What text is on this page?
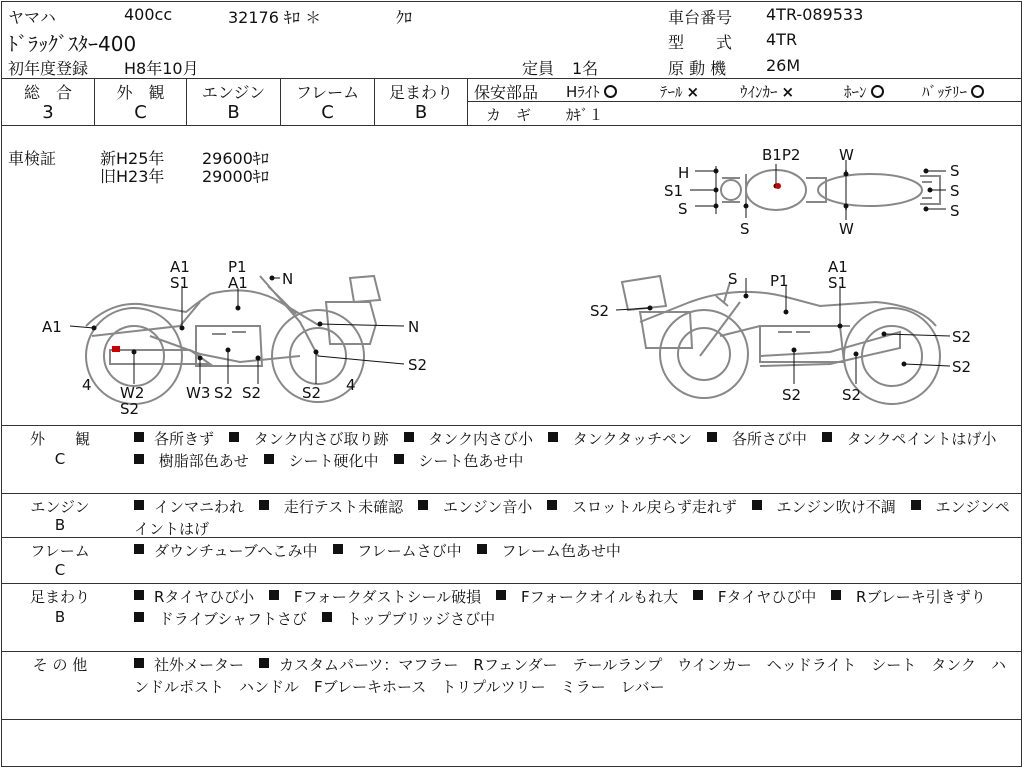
ヤマハ	400cc	32176 ｷﾛ ＊	ｸﾛ	車台番号 4TR-089533
ﾄﾞﾗｯｸﾞｽﾀｰ400	型　　式 4TR
初年度登録 H8年10月	定員 1名	原 動 機 26M
総　合
3
外　観
C
エンジン
B
フレーム
C
足まわり
B
保安部品 Hﾗｲﾄ	ﾃｰﾙ ×	ｳｲﾝｶｰ ×	ﾎｰﾝ	ﾊﾞｯﾃﾘｰ
カ　ギ ｶｷﾞ１
車検証	新H25年 29600ｷﾛ
旧H23年 29000ｷﾛ
B1P2	W
H
S1
S
S	W
S
S
S
A1
S1
P1
A1 N
A1	N
S2
4	4
W2
S2
W3 S2 S2	S2
S P1
A1
S1
S2
S2
S2
S2	S2
外　　観
C
各所きず　 タンク内さび取り跡　 タンク内さび小　 タンクタッチペン　 各所さび中　 タンクペイントはげ小　 樹脂部色あせ　 シート硬化中　 シート色あせ中
エンジン
B
インマニわれ　 走行テスト未確認　 エンジン音小　 スロットル戻らず走れず　 エンジン吹け不調　 エンジンペイントはげ
フレーム
C
ダウンチューブへこみ中　 フレームさび中　 フレーム色あせ中
足まわり
B
Rタイヤひび小　 Fフォークダストシール破損　 Fフォークオイルもれ大　 Fタイヤひび中　 Rブレーキ引きずり　 ドライブシャフトさび　 トップブリッジさび中
そ の 他	社外メーター　カスタムパーツ：マフラー　Rフェンダー　テールランプ　ウインカー　ヘッドライト　シート　タンク　ハンドルポスト　ハンドル　Fブレーキホース　トリプルツリー　ミラー　レバー
